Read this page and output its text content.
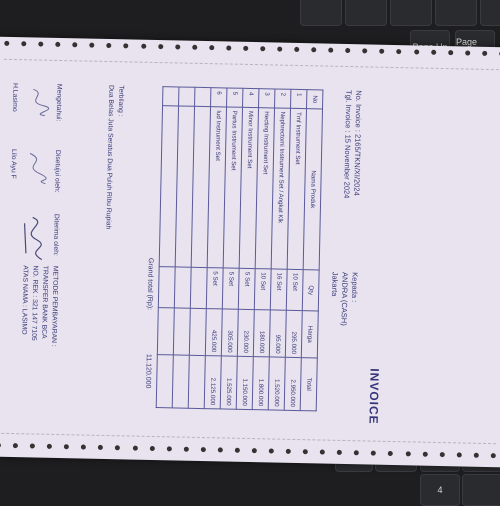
Page
4
INVOICE
No. Invoice : 2165/TKN/XI/2024
Tgl. Invoice : 15 November 2024
Kepada :
ANDRA (CASH)
Jakarta
No	Nama Produk	Qty	Harga	Total
1	Tmf Instrument Set	10 Set	295.000	2.950.000
2	Nephrectomi Instrument Set / Angkat Klk	16 Set	95.000	1.520.000
3	Hecting Instrument Set	10 Set	180.000	1.800.000
4	Minor Instrument Set	5 Set	230.000	1.150.000
5	Partus Instrument Set	5 Set	305.000	1.525.000
6	Iud Instrument Set	5 Set	425.000	2.125.000

Grand total (Rp):
11.120.000
Terbilang :
Dua Belas Juta Seratus Dua Puluh Ribu Rupiah
Mengetahui:
H.Lasimo
Disetujui oleh:
Lilo Ayu F
Diterima oleh:
METODE PEMBAYARAN :
TRANSFER BANK BCA
NO. REK : 321 147 7105
ATAS NAMA : LASIMO
